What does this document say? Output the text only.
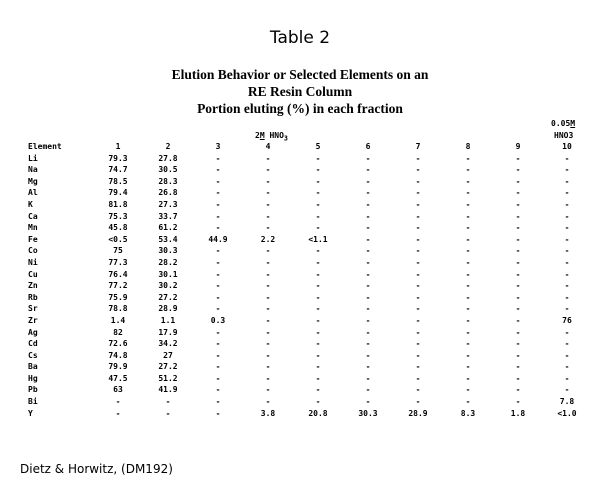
Table 2
Elution Behavior or Selected Elements on an
RE Resin Column
Portion eluting (%) in each fraction
2M $HNO_3$
0.05M
HNO3
Element	1	2	3	4	5	6	7	8	9	10
Li	79.3	27.8	-	-	-	-	-	-	-	-
Na	74.7	30.5	-	-	-	-	-	-	-	-
Mg	78.5	28.3	-	-	-	-	-	-	-	-
Al	79.4	26.8	-	-	-	-	-	-	-	-
K	81.8	27.3	-	-	-	-	-	-	-	-
Ca	75.3	33.7	-	-	-	-	-	-	-	-
Mn	45.8	61.2	-	-	-	-	-	-	-	-
Fe	<0.5	53.4	44.9	2.2	<1.1	-	-	-	-	-
Co	75	30.3	-	-	-	-	-	-	-	-
Ni	77.3	28.2	-	-	-	-	-	-	-	-
Cu	76.4	30.1	-	-	-	-	-	-	-	-
Zn	77.2	30.2	-	-	-	-	-	-	-	-
Rb	75.9	27.2	-	-	-	-	-	-	-	-
Sr	78.8	28.9	-	-	-	-	-	-	-	-
Zr	1.4	1.1	0.3	-	-	-	-	-	-	76
Ag	82	17.9	-	-	-	-	-	-	-	-
Cd	72.6	34.2	-	-	-	-	-	-	-	-
Cs	74.8	27	-	-	-	-	-	-	-	-
Ba	79.9	27.2	-	-	-	-	-	-	-	-
Hg	47.5	51.2	-	-	-	-	-	-	-	-
Pb	63	41.9	-	-	-	-	-	-	-	-
Bi	-	-	-	-	-	-	-	-	-	7.8
Y	-	-	-	3.8	20.8	30.3	28.9	8.3	1.8	<1.0
Dietz & Horwitz, (DM192)
